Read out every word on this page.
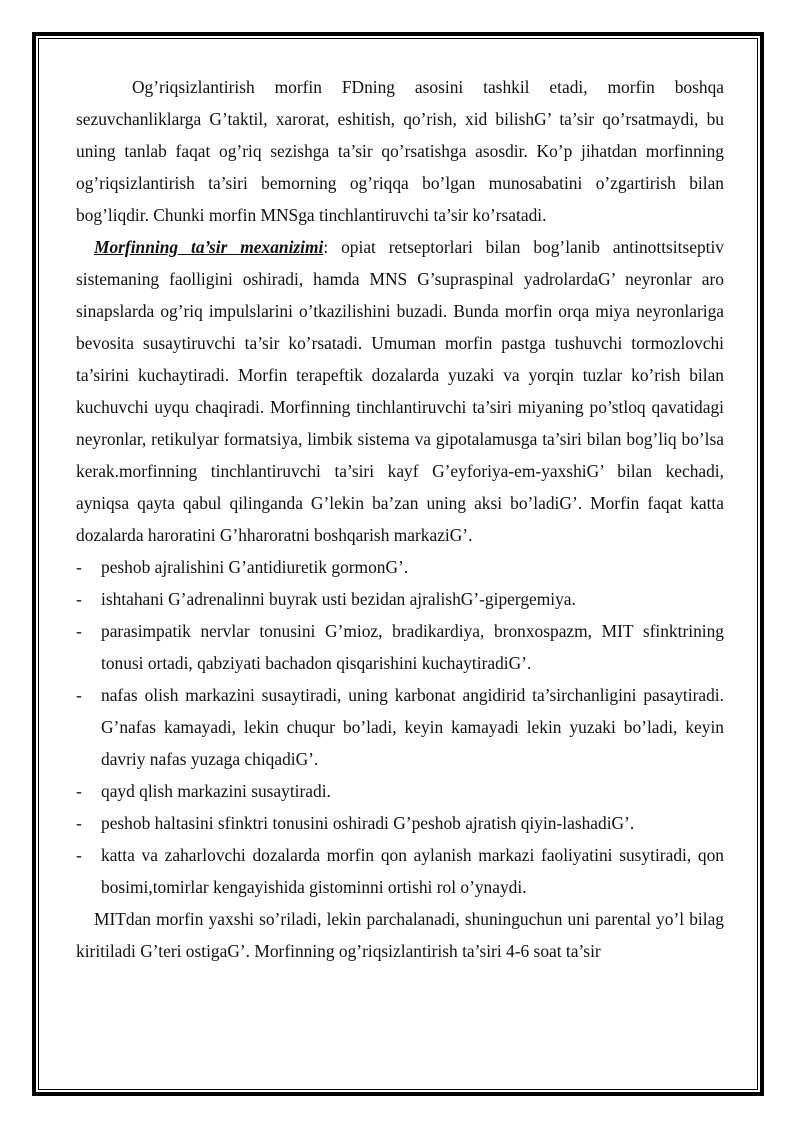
Og’riqsizlantirish morfin FDning asosini tashkil etadi, morfin boshqa sezuvchanliklarga G’taktil, xarorat, eshitish, qo’rish, xid bilishG’ ta’sir qo’rsatmaydi, bu uning tanlab faqat og’riq sezishga ta’sir qo’rsatishga asosdir. Ko’p jihatdan morfinning og’riqsizlantirish ta’siri bemorning og’riqqa bo’lgan munosabatini o’zgartirish bilan bog’liqdir. Chunki morfin MNSga tinchlantiruvchi ta’sir ko’rsatadi.

Morfinning ta’sir mexanizimi: opiat retseptorlari bilan bog’lanib antinottsitseptiv sistemaning faolligini oshiradi, hamda MNS G’supraspinal yadrolardaG’ neyronlar aro sinapslarda og’riq impulslarini o’tkazilishini buzadi. Bunda morfin orqa miya neyronlariga bevosita susaytiruvchi ta’sir ko’rsatadi. Umuman morfin pastga tushuvchi tormozlovchi ta’sirini kuchaytiradi. Morfin terapeftik dozalarda yuzaki va yorqin tuzlar ko’rish bilan kuchuvchi uyqu chaqiradi. Morfinning tinchlantiruvchi ta’siri miyaning po’stloq qavatidagi neyronlar, retikulyar formatsiya, limbik sistema va gipotalamusga ta’siri bilan bog’liq bo’lsa kerak.morfinning tinchlantiruvchi ta’siri kayf G’eyforiya-em-yaxshiG’ bilan kechadi, ayniqsa qayta qabul qilinganda G’lekin ba’zan uning aksi bo’ladiG’. Morfin faqat katta dozalarda haroratini G’hharoratni boshqarish markaziG’.

- peshob ajralishini G’antidiuretik gormonG’.
- ishtahani G’adrenalinni buyrak usti bezidan ajralishG’-gipergemiya.
- parasimpatik nervlar tonusini G’mioz, bradikardiya, bronxospazm, MIT sfinktrining tonusi ortadi, qabziyati bachadon qisqarishini kuchaytiradiG’.
- nafas olish markazini susaytiradi, uning karbonat angidirid ta’sirchanligini pasaytiradi. G’nafas kamayadi, lekin chuqur bo’ladi, keyin kamayadi lekin yuzaki bo’ladi, keyin davriy nafas yuzaga chiqadiG’.
- qayd qlish markazini susaytiradi.
- peshob haltasini sfinktri tonusini oshiradi G’peshob ajratish qiyin-lashadiG’.
- katta va zaharlovchi dozalarda morfin qon aylanish markazi faoliyatini susytiradi, qon bosimi,tomirlar kengayishida gistominni ortishi rol o’ynaydi.

MITdan morfin yaxshi so’riladi, lekin parchalanadi, shuninguchun uni parental yo’l bilag kiritiladi G’teri ostigaG’. Morfinning og’riqsizlantirish ta’siri 4-6 soat ta’sir
